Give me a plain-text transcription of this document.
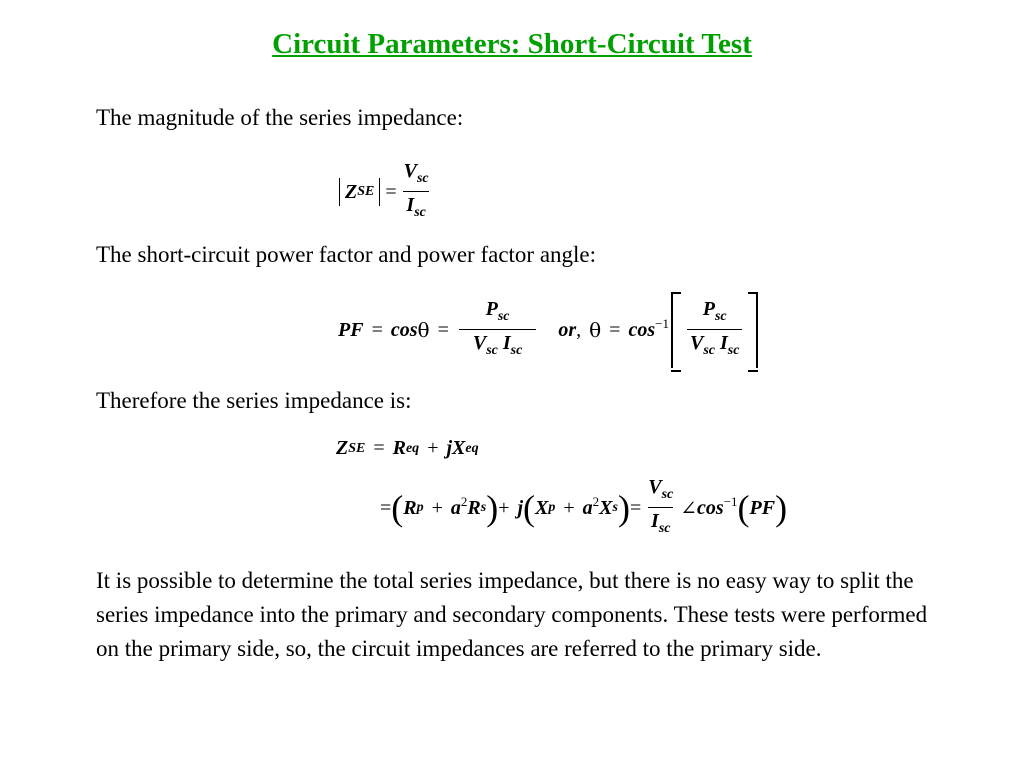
Circuit Parameters: Short-Circuit Test
The magnitude of the series impedance:
Z SE = $\frac{V_{sc}}{I_{sc}}$
The short-circuit power factor and power factor angle:
PF = $\cos \theta = \frac{P_{sc}}{V_{sc} I_{sc}}$ or , $\theta = \cos^{-1} \frac{P_{sc}}{V_{sc} I_{sc}}$
Therefore the series impedance is:
Z SE = R eq + jX eq
= ( R $p + a^2$ R s ) + j ( X $p + a^2$ X s ) = $\frac{V_{sc}}{I_{sc}}$ ∠ $\cos^{-1}$ ( PF )
It is possible to determine the total series impedance, but there is no easy way to split the series impedance into the primary and secondary components. These tests were performed on the primary side, so, the circuit impedances are referred to the primary side.
